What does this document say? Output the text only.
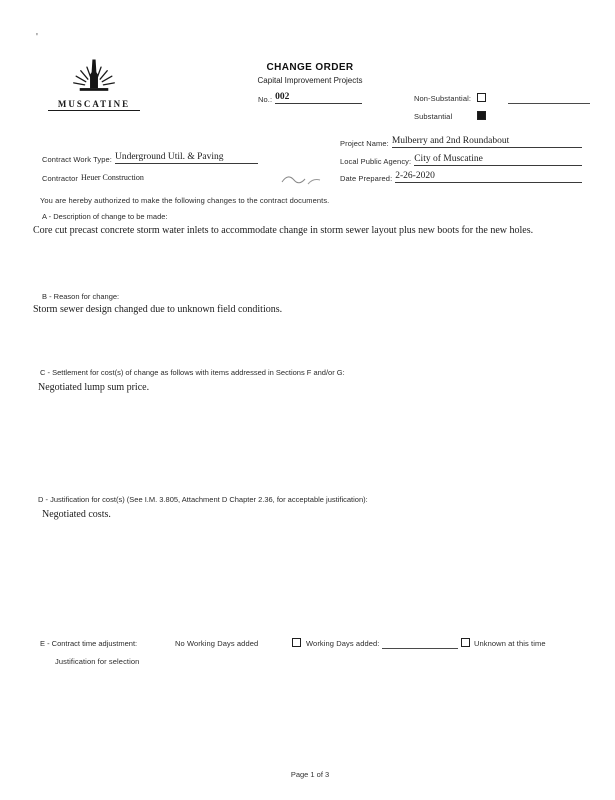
'
MUSCATINE
CHANGE ORDER
Capital Improvement Projects
No.: 002	Non-Substantial:
Substantial
Project Name: Mulberry and 2nd Roundabout
Local Public Agency: City of Muscatine
Date Prepared: 2-26-2020
Contract Work Type: Underground Util. & Paving
Contractor Heuer Construction
You are hereby authorized to make the following changes to the contract documents.
A - Description of change to be made:
Core cut precast concrete storm water inlets to accommodate change in storm sewer layout plus new boots for the new holes.
B - Reason for change:
Storm sewer design changed due to unknown field conditions.
C - Settlement for cost(s) of change as follows with items addressed in Sections F and/or G:
Negotiated lump sum price.
D - Justification for cost(s) (See I.M. 3.805, Attachment D Chapter 2.36, for acceptable justification):
Negotiated costs.
E - Contract time adjustment:	No Working Days added	Working Days added:	Unknown at this time
Justification for selection
Page 1 of 3
